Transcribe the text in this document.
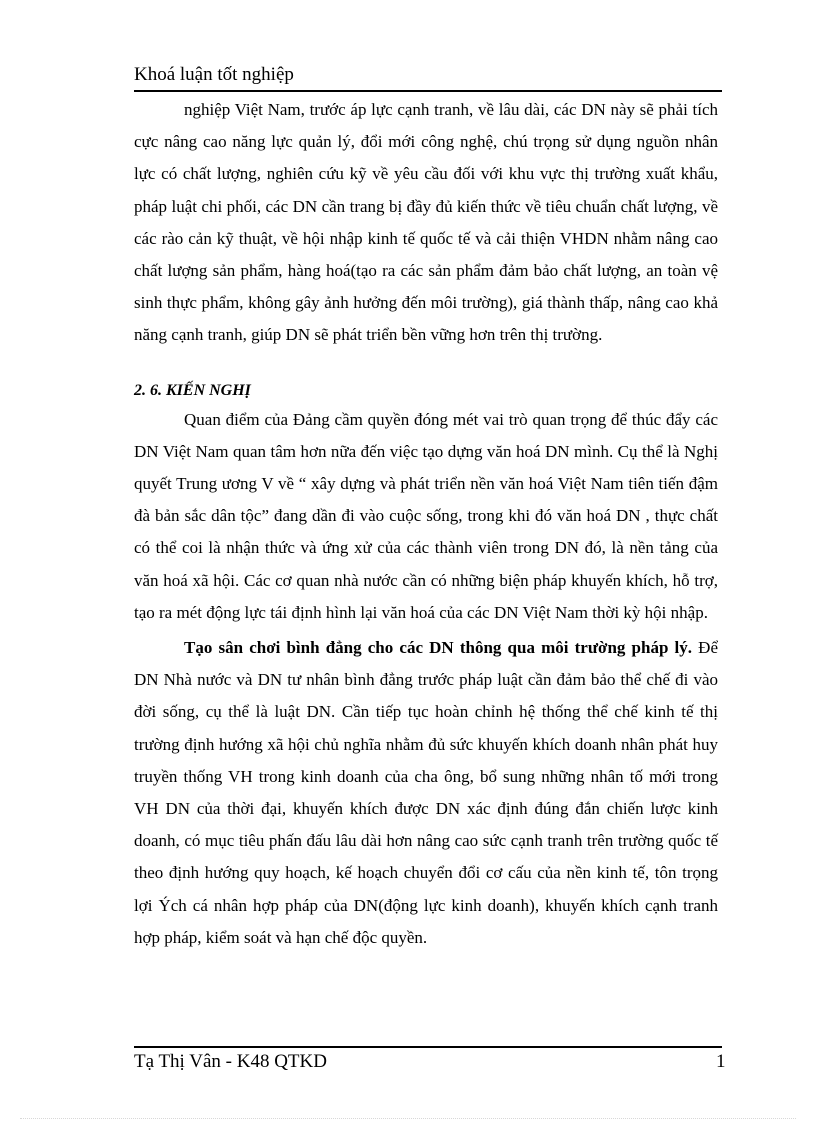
Khoá luận tốt nghiệp

nghiệp Việt Nam, trước áp lực cạnh tranh, về lâu dài, các DN này sẽ phải tích cực nâng cao năng lực quản lý, đổi mới công nghệ, chú trọng sử dụng nguồn nhân lực có chất lượng, nghiên cứu kỹ về yêu cầu đối với khu vực thị trường xuất khẩu, pháp luật chi phối, các DN cần trang bị đầy đủ kiến thức về tiêu chuẩn chất lượng, về các rào cản kỹ thuật, về hội nhập kinh tế quốc tế và cải thiện VHDN nhằm nâng cao chất lượng sản phẩm, hàng hoá(tạo ra các sản phẩm đảm bảo chất lượng, an toàn vệ sinh thực phẩm, không gây ảnh hưởng đến môi trường), giá thành thấp, nâng cao khả năng cạnh tranh, giúp DN sẽ phát triển bền vững hơn trên thị trường.

2. 6. KIẾN NGHỊ

Quan điểm của Đảng cầm quyền đóng mét vai trò quan trọng để thúc đẩy các DN Việt Nam quan tâm hơn nữa đến việc tạo dựng văn hoá DN mình. Cụ thể là Nghị quyết Trung ương V về “ xây dựng và phát triển nền văn hoá Việt Nam tiên tiến đậm đà bản sắc dân tộc” đang dần đi vào cuộc sống, trong khi đó văn hoá DN , thực chất có thể coi là nhận thức và ứng xử của các thành viên trong DN đó, là nền tảng của văn hoá xã hội. Các cơ quan nhà nước cần có những biện pháp khuyến khích, hỗ trợ, tạo ra mét động lực tái định hình lại văn hoá của các DN Việt Nam thời kỳ hội nhập.

Tạo sân chơi bình đẳng cho các DN thông qua môi trường pháp lý. Để DN Nhà nước và DN tư nhân bình đẳng trước pháp luật cần đảm bảo thể chế đi vào đời sống, cụ thể là luật DN. Cần tiếp tục hoàn chỉnh hệ thống thể chế kinh tế thị trường định hướng xã hội chủ nghĩa nhằm đủ sức khuyến khích doanh nhân phát huy truyền thống VH trong kinh doanh của cha ông, bổ sung những nhân tố mới trong VH DN của thời đại, khuyến khích được DN xác định đúng đắn chiến lược kinh doanh, có mục tiêu phấn đấu lâu dài hơn nâng cao sức cạnh tranh trên trường quốc tế theo định hướng quy hoạch, kế hoạch chuyển đổi cơ cấu của nền kinh tế, tôn trọng lợi Ých cá nhân hợp pháp của DN(động lực kinh doanh), khuyến khích cạnh tranh hợp pháp, kiểm soát và hạn chế độc quyền.

Tạ Thị Vân - K48 QTKD	1
